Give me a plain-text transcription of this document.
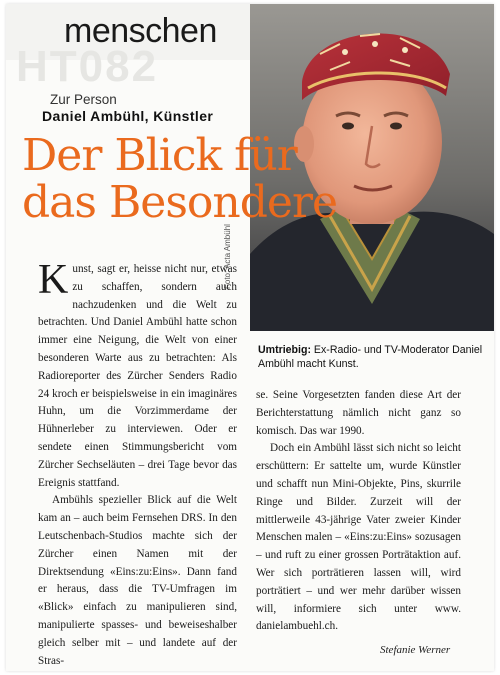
HT082
menschen
Foto: Acta Ambühl
Zur Person
Daniel Ambühl, Künstler
Der Blick für
das Besondere
Umtriebig: Ex-Radio- und TV-Moderator Daniel Ambühl macht Kunst.

Kunst, sagt er, heisse nicht nur, etwas zu schaffen, sondern auch nachzudenken und die Welt zu betrachten. Und Daniel Ambühl hatte schon immer eine Neigung, die Welt von einer besonderen Warte aus zu betrachten: Als Radioreporter des Zürcher Senders Radio 24 kroch er beispielsweise in ein imaginäres Huhn, um die Vorzimmerdame der Hühnerleber zu interviewen. Oder er sendete einen Stimmungsbericht vom Zürcher Sechseläuten – drei Tage bevor das Ereignis stattfand.

Ambühls spezieller Blick auf die Welt kam an – auch beim Fernsehen DRS. In den Leutschenbach-Studios machte sich der Zürcher einen Namen mit der Direktsendung «Eins:zu:Eins». Dann fand er heraus, dass die TV-Umfragen im «Blick» einfach zu manipulieren sind, manipulierte spasses- und beweiseshalber gleich selber mit – und landete auf der Stras-

se. Seine Vorgesetzten fanden diese Art der Berichterstattung nämlich nicht ganz so komisch. Das war 1990.

Doch ein Ambühl lässt sich nicht so leicht erschüttern: Er sattelte um, wurde Künstler und schafft nun Mini-Objekte, Pins, skurrile Ringe und Bilder. Zurzeit will der mittlerweile 43-jährige Vater zweier Kinder Menschen malen – «Eins:zu:Eins» sozusagen – und ruft zu einer grossen Porträtaktion auf. Wer sich porträtieren lassen will, wird porträtiert – und wer mehr darüber wissen will, informiere sich unter www. danielambuehl.ch.

Stefanie Werner
